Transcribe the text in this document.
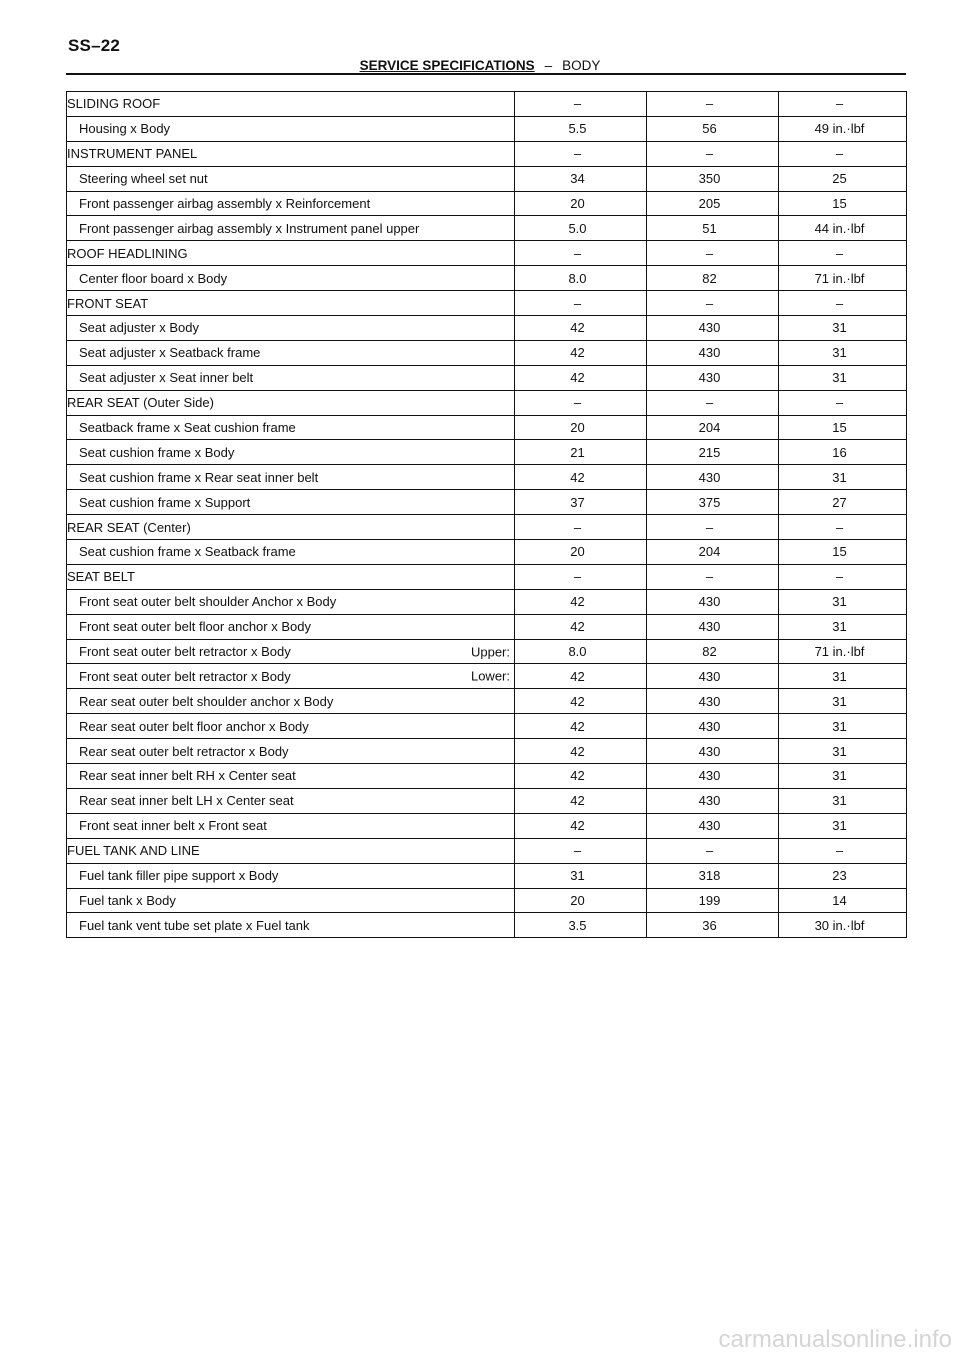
SS–22
SERVICE SPECIFICATIONS – BODY
SLIDING ROOF	–	–	–
Housing x Body	5.5	56	49 in.·lbf
INSTRUMENT PANEL	–	–	–
Steering wheel set nut	34	350	25
Front passenger airbag assembly x Reinforcement	20	205	15
Front passenger airbag assembly x Instrument panel upper	5.0	51	44 in.·lbf
ROOF HEADLINING	–	–	–
Center floor board x Body	8.0	82	71 in.·lbf
FRONT SEAT	–	–	–
Seat adjuster x Body	42	430	31
Seat adjuster x Seatback frame	42	430	31
Seat adjuster x Seat inner belt	42	430	31
REAR SEAT (Outer Side)	–	–	–
Seatback frame x Seat cushion frame	20	204	15
Seat cushion frame x Body	21	215	16
Seat cushion frame x Rear seat inner belt	42	430	31
Seat cushion frame x Support	37	375	27
REAR SEAT (Center)	–	–	–
Seat cushion frame x Seatback frame	20	204	15
SEAT BELT	–	–	–
Front seat outer belt shoulder Anchor x Body	42	430	31
Front seat outer belt floor anchor x Body	42	430	31
Front seat outer belt retractor x Body Upper:	8.0	82	71 in.·lbf
Front seat outer belt retractor x Body Lower:	42	430	31
Rear seat outer belt shoulder anchor x Body	42	430	31
Rear seat outer belt floor anchor x Body	42	430	31
Rear seat outer belt retractor x Body	42	430	31
Rear seat inner belt RH x Center seat	42	430	31
Rear seat inner belt LH x Center seat	42	430	31
Front seat inner belt x Front seat	42	430	31
FUEL TANK AND LINE	–	–	–
Fuel tank filler pipe support x Body	31	318	23
Fuel tank x Body	20	199	14
Fuel tank vent tube set plate x Fuel tank	3.5	36	30 in.·lbf
carmanualsonline.info
